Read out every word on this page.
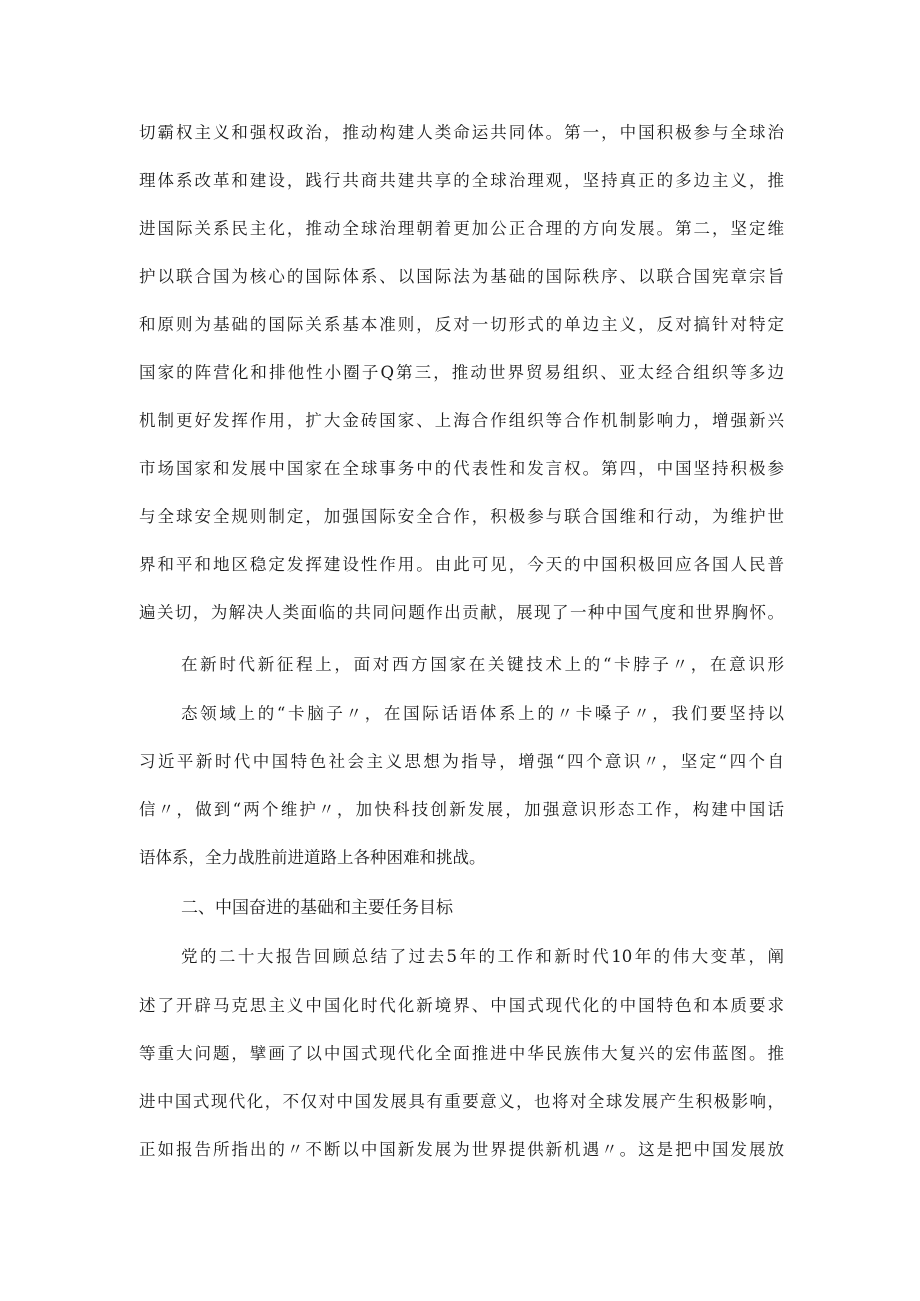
切霸权主义和强权政治，推动构建人类命运共同体。第一，中国积极参与全球治
理体系改革和建设，践行共商共建共享的全球治理观，坚持真正的多边主义，推
进国际关系民主化，推动全球治理朝着更加公正合理的方向发展。第二，坚定维
护以联合国为核心的国际体系、以国际法为基础的国际秩序、以联合国宪章宗旨
和原则为基础的国际关系基本准则，反对一切形式的单边主义，反对搞针对特定
国家的阵营化和排他性小圈子Q第三，推动世界贸易组织、亚太经合组织等多边
机制更好发挥作用，扩大金砖国家、上海合作组织等合作机制影响力，增强新兴
市场国家和发展中国家在全球事务中的代表性和发言权。第四，中国坚持积极参
与全球安全规则制定，加强国际安全合作，积极参与联合国维和行动，为维护世
界和平和地区稳定发挥建设性作用。由此可见，今天的中国积极回应各国人民普
遍关切，为解决人类面临的共同问题作出贡献，展现了一种中国气度和世界胸怀。
在新时代新征程上，面对西方国家在关键技术上的“卡脖子〃，在意识形
态领域上的“卡脑子〃，在国际话语体系上的〃卡嗓子〃，我们要坚持以
习近平新时代中国特色社会主义思想为指导，增强“四个意识〃，坚定“四个自
信〃，做到“两个维护〃，加快科技创新发展，加强意识形态工作，构建中国话
语体系，全力战胜前进道路上各种困难和挑战。
二、中国奋进的基础和主要任务目标
党的二十大报告回顾总结了过去5年的工作和新时代10年的伟大变革，阐
述了开辟马克思主义中国化时代化新境界、中国式现代化的中国特色和本质要求
等重大问题，擘画了以中国式现代化全面推进中华民族伟大复兴的宏伟蓝图。推
进中国式现代化，不仅对中国发展具有重要意义，也将对全球发展产生积极影响，
正如报告所指出的〃不断以中国新发展为世界提供新机遇〃。这是把中国发展放
